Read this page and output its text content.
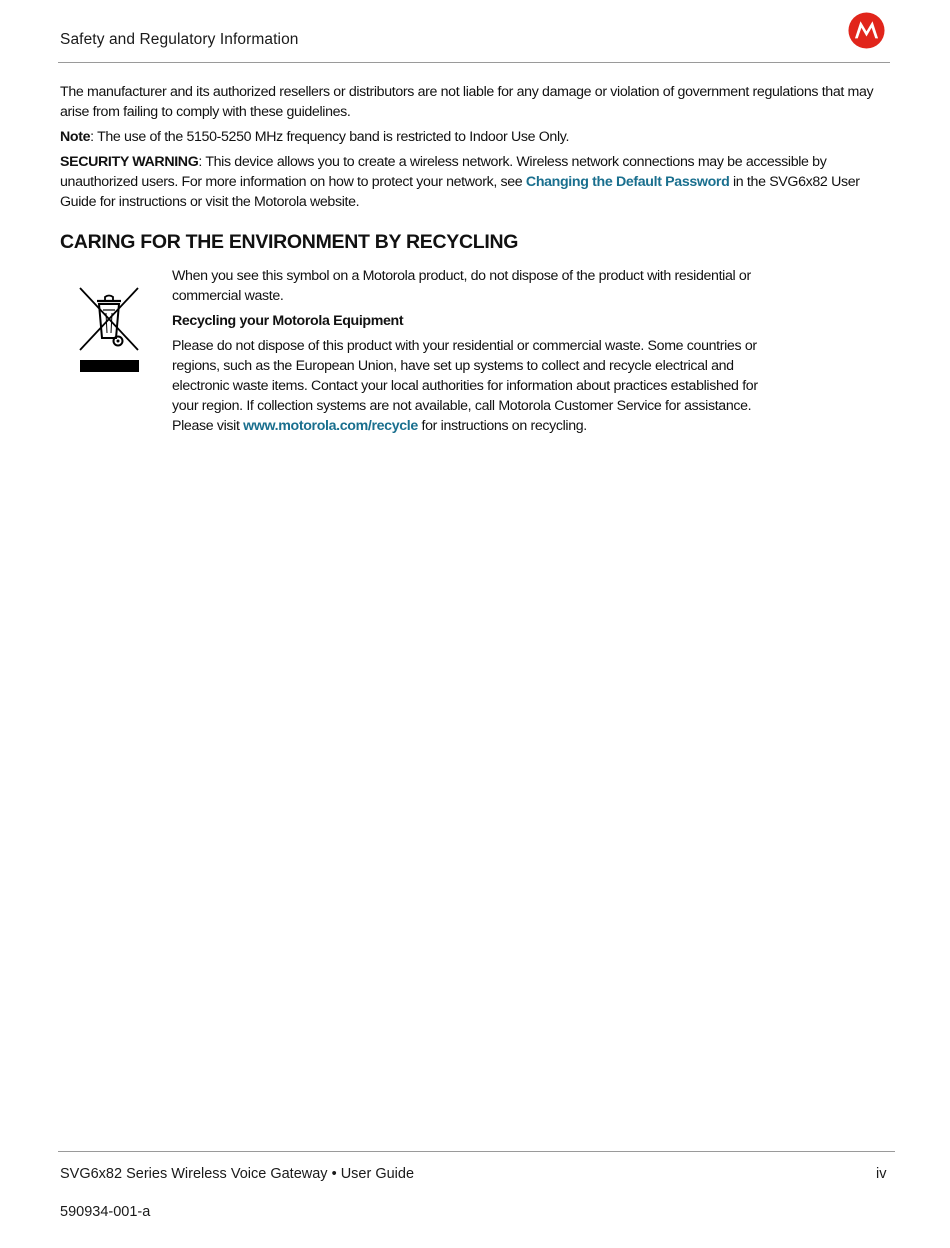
Safety and Regulatory Information

The manufacturer and its authorized resellers or distributors are not liable for any damage or violation of government regulations that may arise from failing to comply with these guidelines.

Note: The use of the 5150-5250 MHz frequency band is restricted to Indoor Use Only.

SECURITY WARNING: This device allows you to create a wireless network. Wireless network connections may be accessible by unauthorized users. For more information on how to protect your network, see Changing the Default Password in the SVG6x82 User Guide for instructions or visit the Motorola website.

CARING FOR THE ENVIRONMENT BY RECYCLING

When you see this symbol on a Motorola product, do not dispose of the product with residential or commercial waste.

Recycling your Motorola Equipment

Please do not dispose of this product with your residential or commercial waste. Some countries or regions, such as the European Union, have set up systems to collect and recycle electrical and electronic waste items. Contact your local authorities for information about practices established for your region. If collection systems are not available, call Motorola Customer Service for assistance. Please visit www.motorola.com/recycle for instructions on recycling.

SVG6x82 Series Wireless Voice Gateway • User Guide	iv
590934-001-a
